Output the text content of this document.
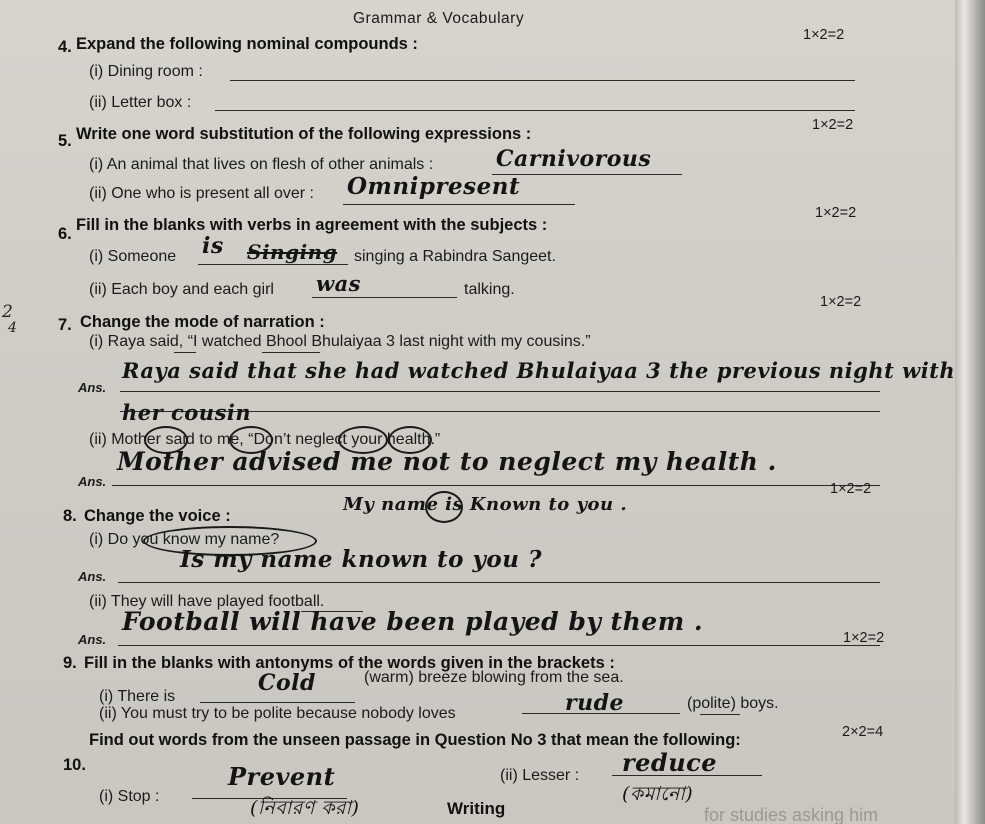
Grammar & Vocabulary
2
4
4. Expand the following nominal compounds :	1×2=2
(i) Dining room :
(ii) Letter box :
5. Write one word substitution of the following expressions :	1×2=2
(i) An animal that lives on flesh of other animals :	Carnivorous
(ii) One who is present all over : Omnipresent
6. Fill in the blanks with verbs in agreement with the subjects :
1×2=2
(i) Someone is Singing singing a Rabindra Sangeet.
(ii) Each boy and each girl was	talking.
7. Change the mode of narration :
1×2=2
(i) Raya said, “I watched Bhool Bhulaiyaa 3 last night with my cousins.”
Ans.
Raya said that she had watched Bhulaiyaa 3 the previous night with
her cousin
(ii) Mother said to me, “Don’t neglect your health.”
Ans.
Mother advised me not to neglect my health .
8. Change the voice :
1×2=2
My name is Known to you .
(i) Do you know my name?
Ans.
Is my name known to you ?
(ii) They will have played football.
Ans.
Football will have been played by them .
9. Fill in the blanks with antonyms of the words given in the brackets :
1×2=2
(i) There is
Cold	(warm) breeze blowing from the sea.
(ii) You must try to be polite because nobody loves	rude	(polite) boys.
10.
Find out words from the unseen passage in Question No 3 that mean the following:	2×2=4
(i) Stop :
Prevent
(নিবারণ করা)
(ii) Lesser : reduce
(কমানো)
Writing	for studies asking him
